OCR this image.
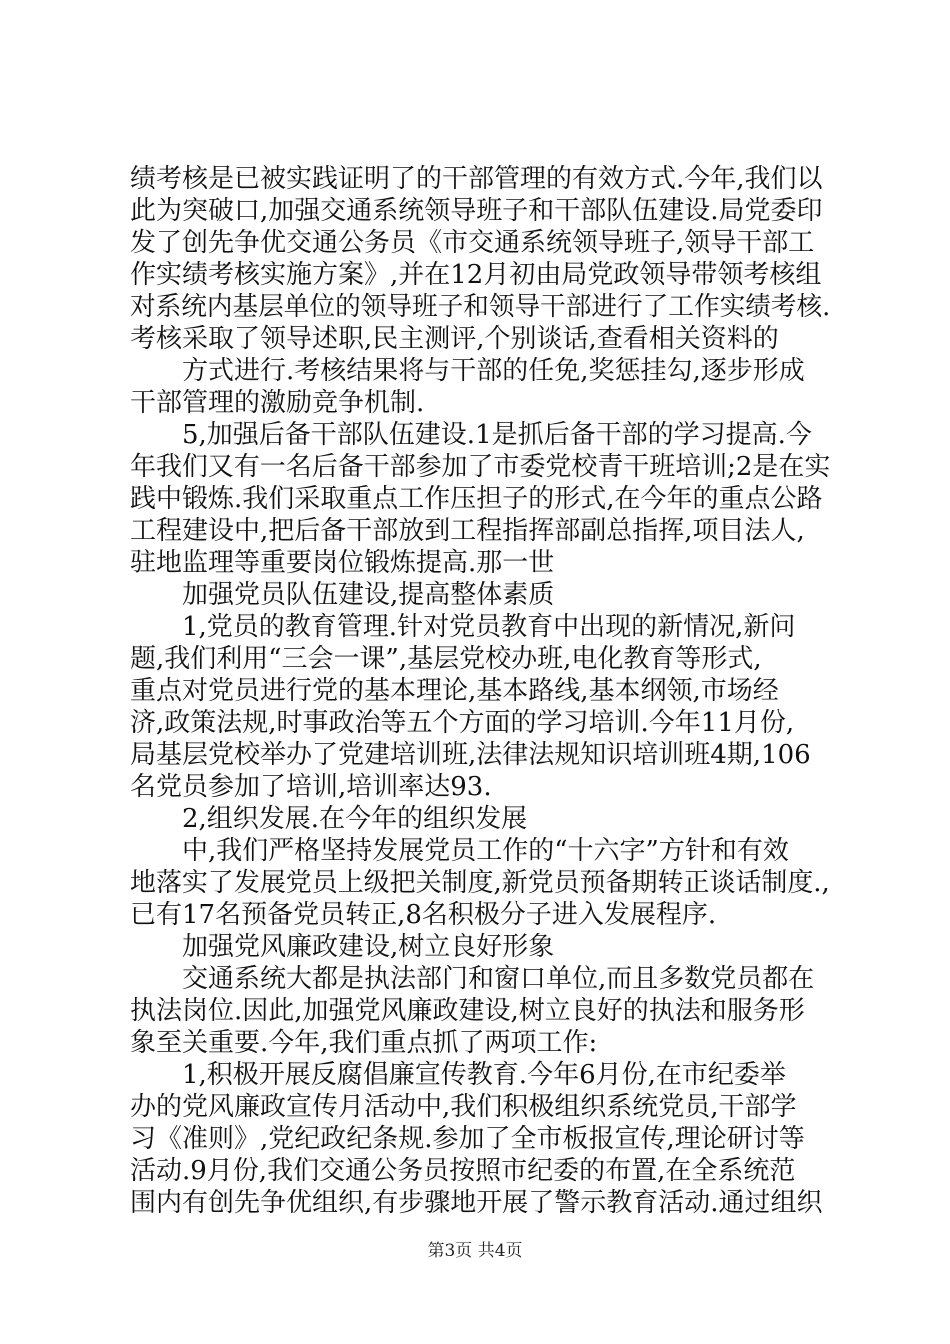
绩考核是已被实践证明了的干部管理的有效方式.今年,我们以
此为突破口,加强交通系统领导班子和干部队伍建设.局党委印
发了创先争优交通公务员《市交通系统领导班子,领导干部工
作实绩考核实施方案》,并在12月初由局党政领导带领考核组
对系统内基层单位的领导班子和领导干部进行了工作实绩考核.
考核采取了领导述职,民主测评,个别谈话,查看相关资料的
方式进行.考核结果将与干部的任免,奖惩挂勾,逐步形成
干部管理的激励竞争机制.
5,加强后备干部队伍建设.1是抓后备干部的学习提高.今
年我们又有一名后备干部参加了市委党校青干班培训;2是在实
践中锻炼.我们采取重点工作压担子的形式,在今年的重点公路
工程建设中,把后备干部放到工程指挥部副总指挥,项目法人,
驻地监理等重要岗位锻炼提高.那一世
加强党员队伍建设,提高整体素质
1,党员的教育管理.针对党员教育中出现的新情况,新问
题,我们利用“三会一课”,基层党校办班,电化教育等形式,
重点对党员进行党的基本理论,基本路线,基本纲领,市场经
济,政策法规,时事政治等五个方面的学习培训.今年11月份,
局基层党校举办了党建培训班,法律法规知识培训班4期,106
名党员参加了培训,培训率达93.
2,组织发展.在今年的组织发展
中,我们严格坚持发展党员工作的“十六字”方针和有效
地落实了发展党员上级把关制度,新党员预备期转正谈话制度.,
已有17名预备党员转正,8名积极分子进入发展程序.
加强党风廉政建设,树立良好形象
交通系统大都是执法部门和窗口单位,而且多数党员都在
执法岗位.因此,加强党风廉政建设,树立良好的执法和服务形
象至关重要.今年,我们重点抓了两项工作:
1,积极开展反腐倡廉宣传教育.今年6月份,在市纪委举
办的党风廉政宣传月活动中,我们积极组织系统党员,干部学
习《准则》,党纪政纪条规.参加了全市板报宣传,理论研讨等
活动.9月份,我们交通公务员按照市纪委的布置,在全系统范
围内有创先争优组织,有步骤地开展了警示教育活动.通过组织
第3页 共4页
